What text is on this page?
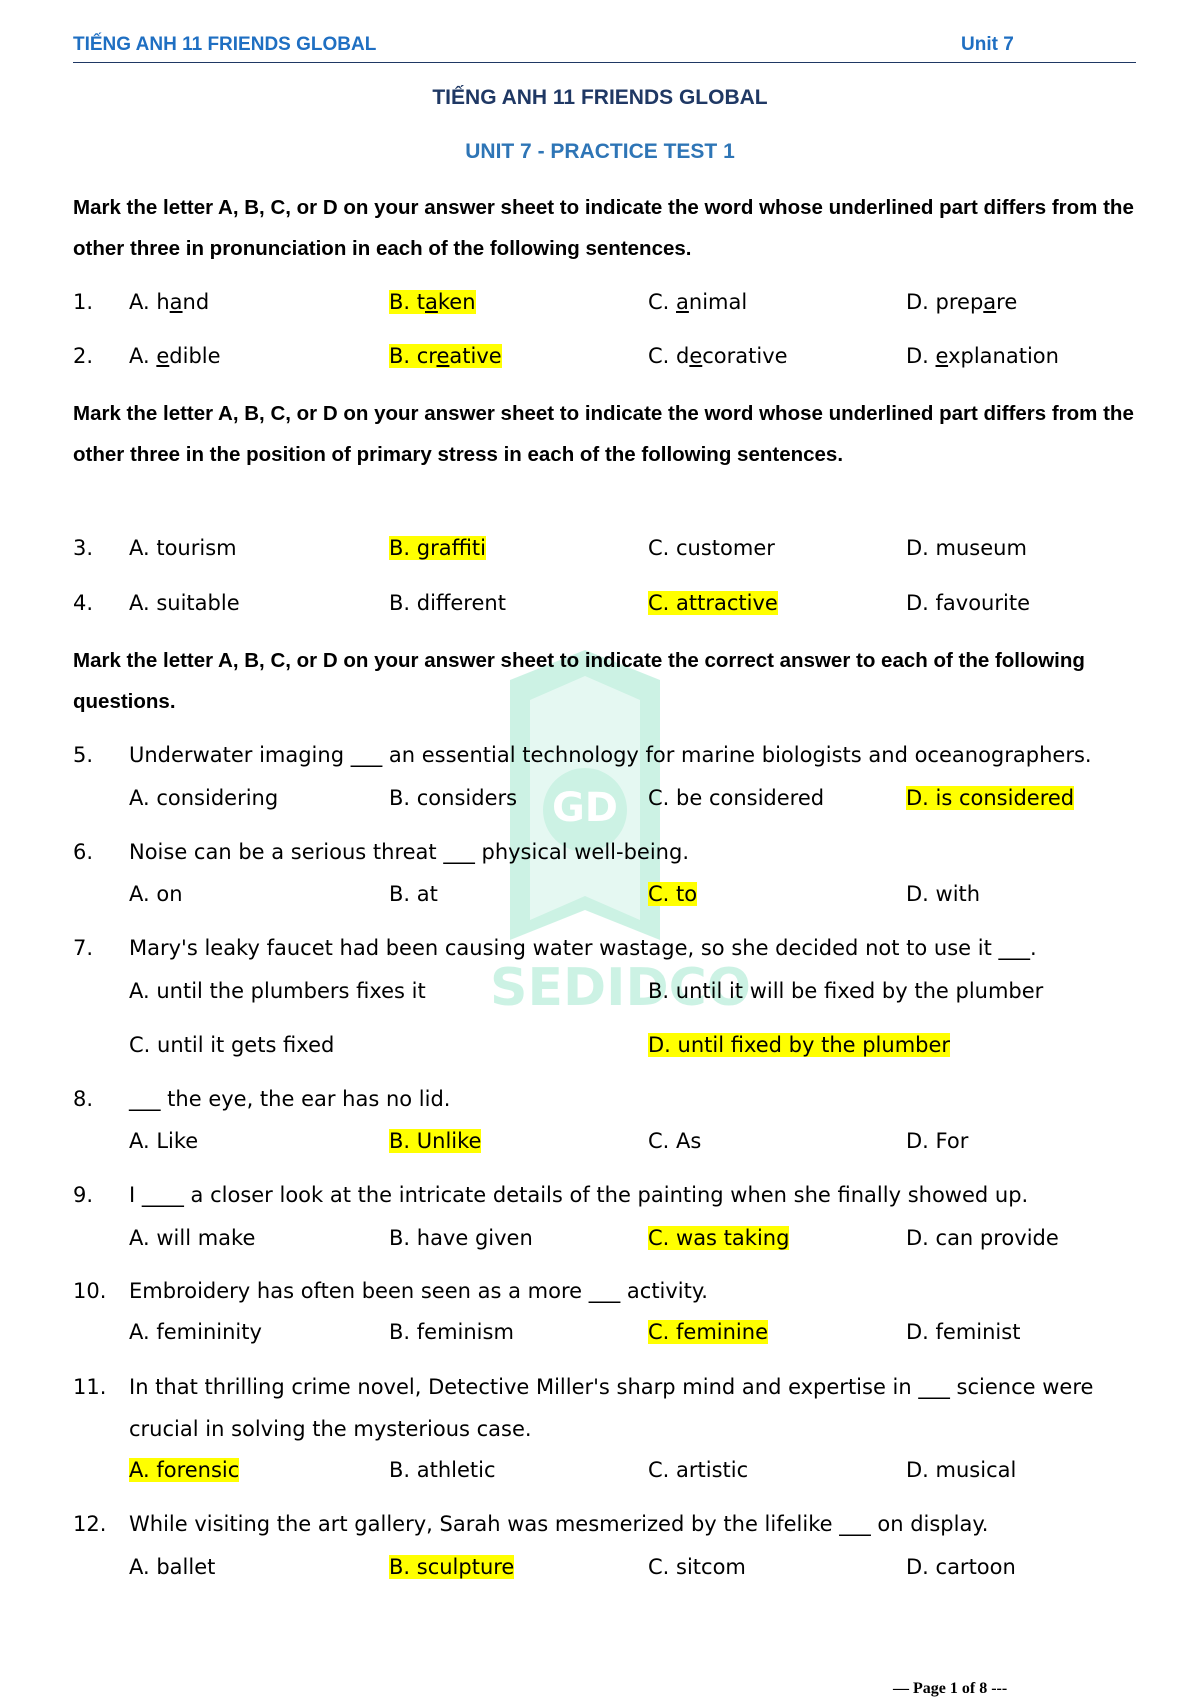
TIẾNG ANH 11 FRIENDS GLOBAL	Unit 7
SEDIDCO
GD
TIẾNG ANH 11 FRIENDS GLOBAL
UNIT 7 - PRACTICE TEST 1
Mark the letter A, B, C, or D on your answer sheet to indicate the word whose underlined part differs from the other three in pronunciation in each of the following sentences.
1. A. hand	B. taken	C. animal	D. prepare
2. A. edible	B. creative	C. decorative	D. explanation
Mark the letter A, B, C, or D on your answer sheet to indicate the word whose underlined part differs from the other three in the position of primary stress in each of the following sentences.
3. A. tourism	B. graffiti	C. customer	D. museum
4. A. suitable	B. different	C. attractive	D. favourite
Mark the letter A, B, C, or D on your answer sheet to indicate the correct answer to each of the following questions.
5. Underwater imaging ___ an essential technology for marine biologists and oceanographers.
A. considering	B. considers	C. be considered	D. is considered
6. Noise can be a serious threat ___ physical well-being.
A. on	B. at	C. to	D. with
7. Mary's leaky faucet had been causing water wastage, so she decided not to use it ___.
A. until the plumbers fixes it	B. until it will be fixed by the plumber
C. until it gets fixed	D. until fixed by the plumber
8. ___ the eye, the ear has no lid.
A. Like	B. Unlike	C. As	D. For
9. I ____ a closer look at the intricate details of the painting when she finally showed up.
A. will make	B. have given	C. was taking	D. can provide
10. Embroidery has often been seen as a more ___ activity.
A. femininity	B. feminism	C. feminine	D. feminist
11. In that thrilling crime novel, Detective Miller's sharp mind and expertise in ___ science were
crucial in solving the mysterious case.
A. forensic	B. athletic	C. artistic	D. musical
12. While visiting the art gallery, Sarah was mesmerized by the lifelike ___ on display.
A. ballet	B. sculpture	C. sitcom	D. cartoon
— Page 1 of 8 ---
